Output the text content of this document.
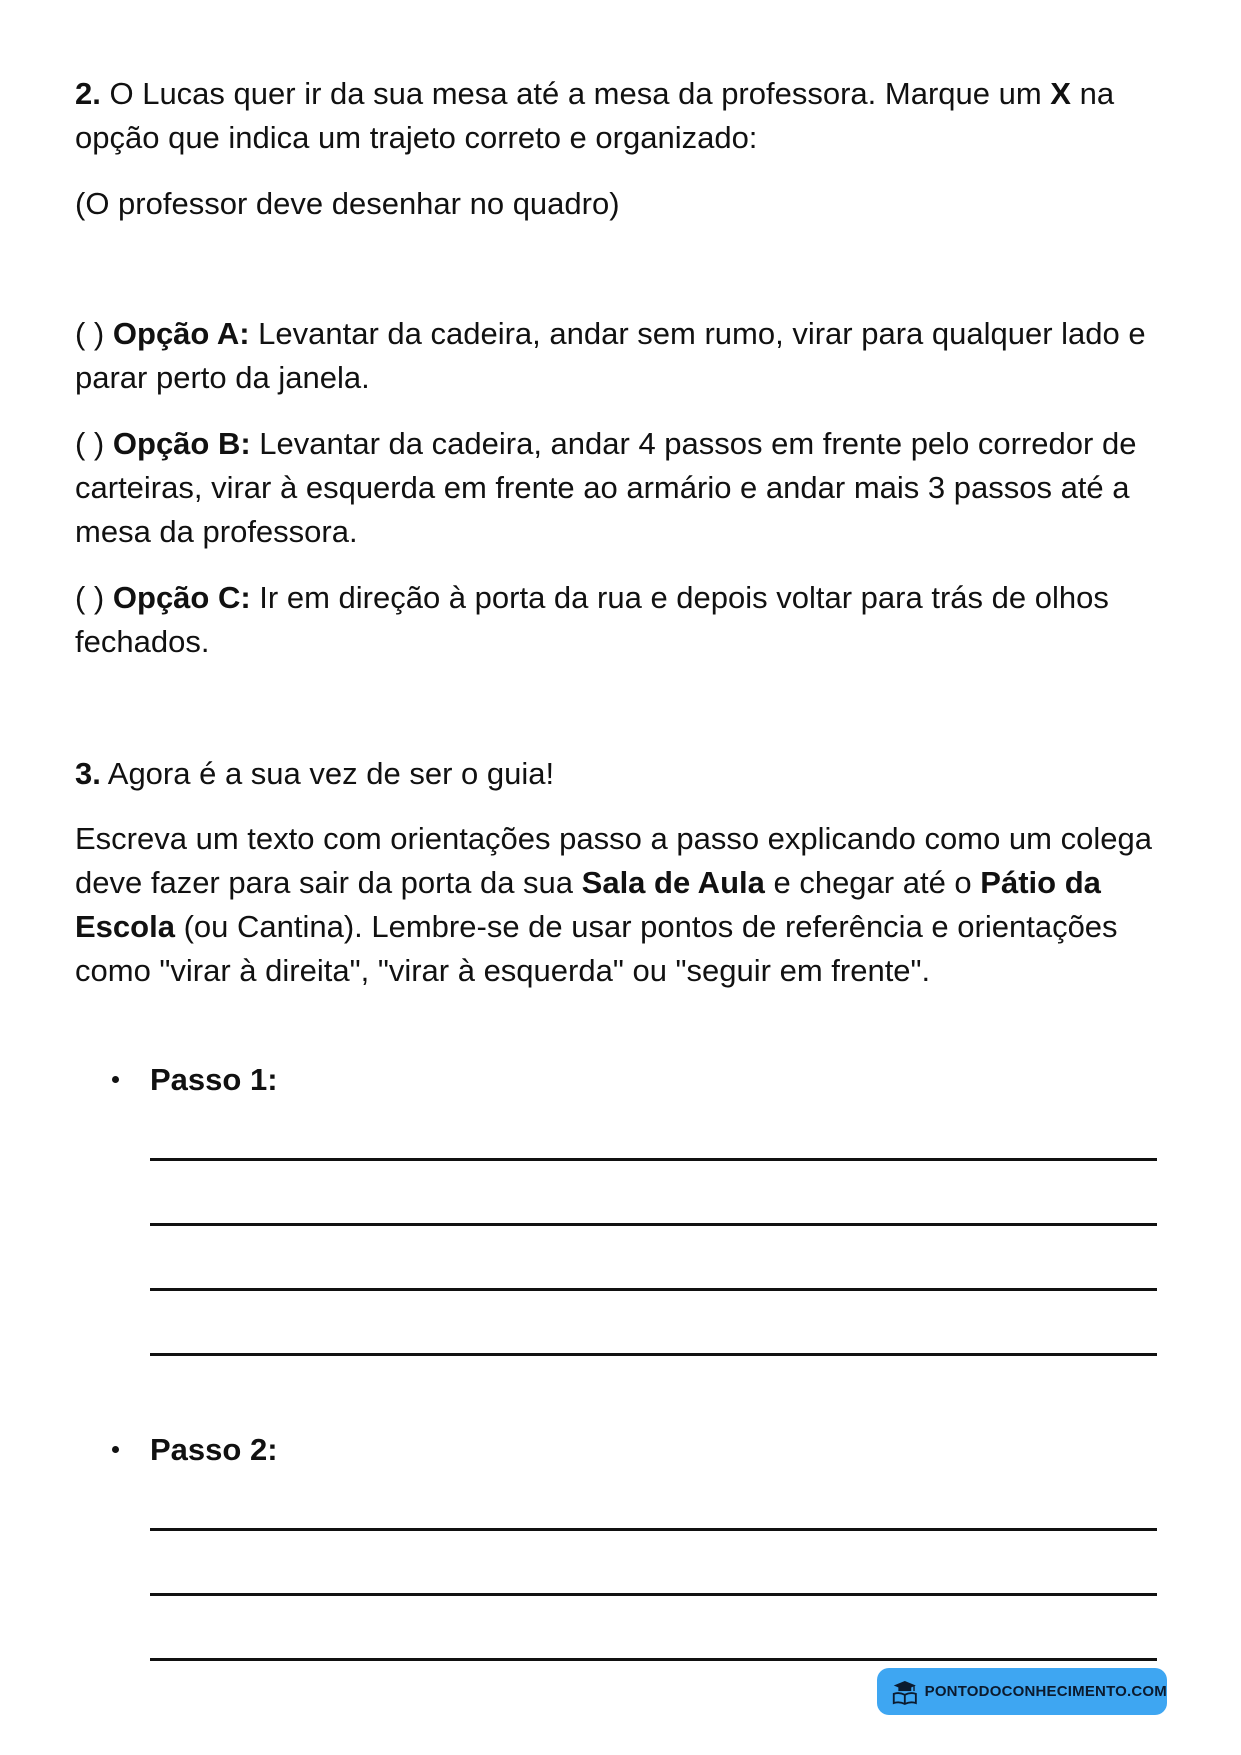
2. O Lucas quer ir da sua mesa até a mesa da professora. Marque um X na opção que indica um trajeto correto e organizado:

(O professor deve desenhar no quadro)

( ) Opção A: Levantar da cadeira, andar sem rumo, virar para qualquer lado e parar perto da janela.

( ) Opção B: Levantar da cadeira, andar 4 passos em frente pelo corredor de carteiras, virar à esquerda em frente ao armário e andar mais 3 passos até a mesa da professora.

( ) Opção C: Ir em direção à porta da rua e depois voltar para trás de olhos fechados.

3. Agora é a sua vez de ser o guia!

Escreva um texto com orientações passo a passo explicando como um colega deve fazer para sair da porta da sua Sala de Aula e chegar até o Pátio da Escola (ou Cantina). Lembre-se de usar pontos de referência e orientações como "virar à direita", "virar à esquerda" ou "seguir em frente".

Passo 1:
Passo 2:
PONTODOCONHECIMENTO.COM
